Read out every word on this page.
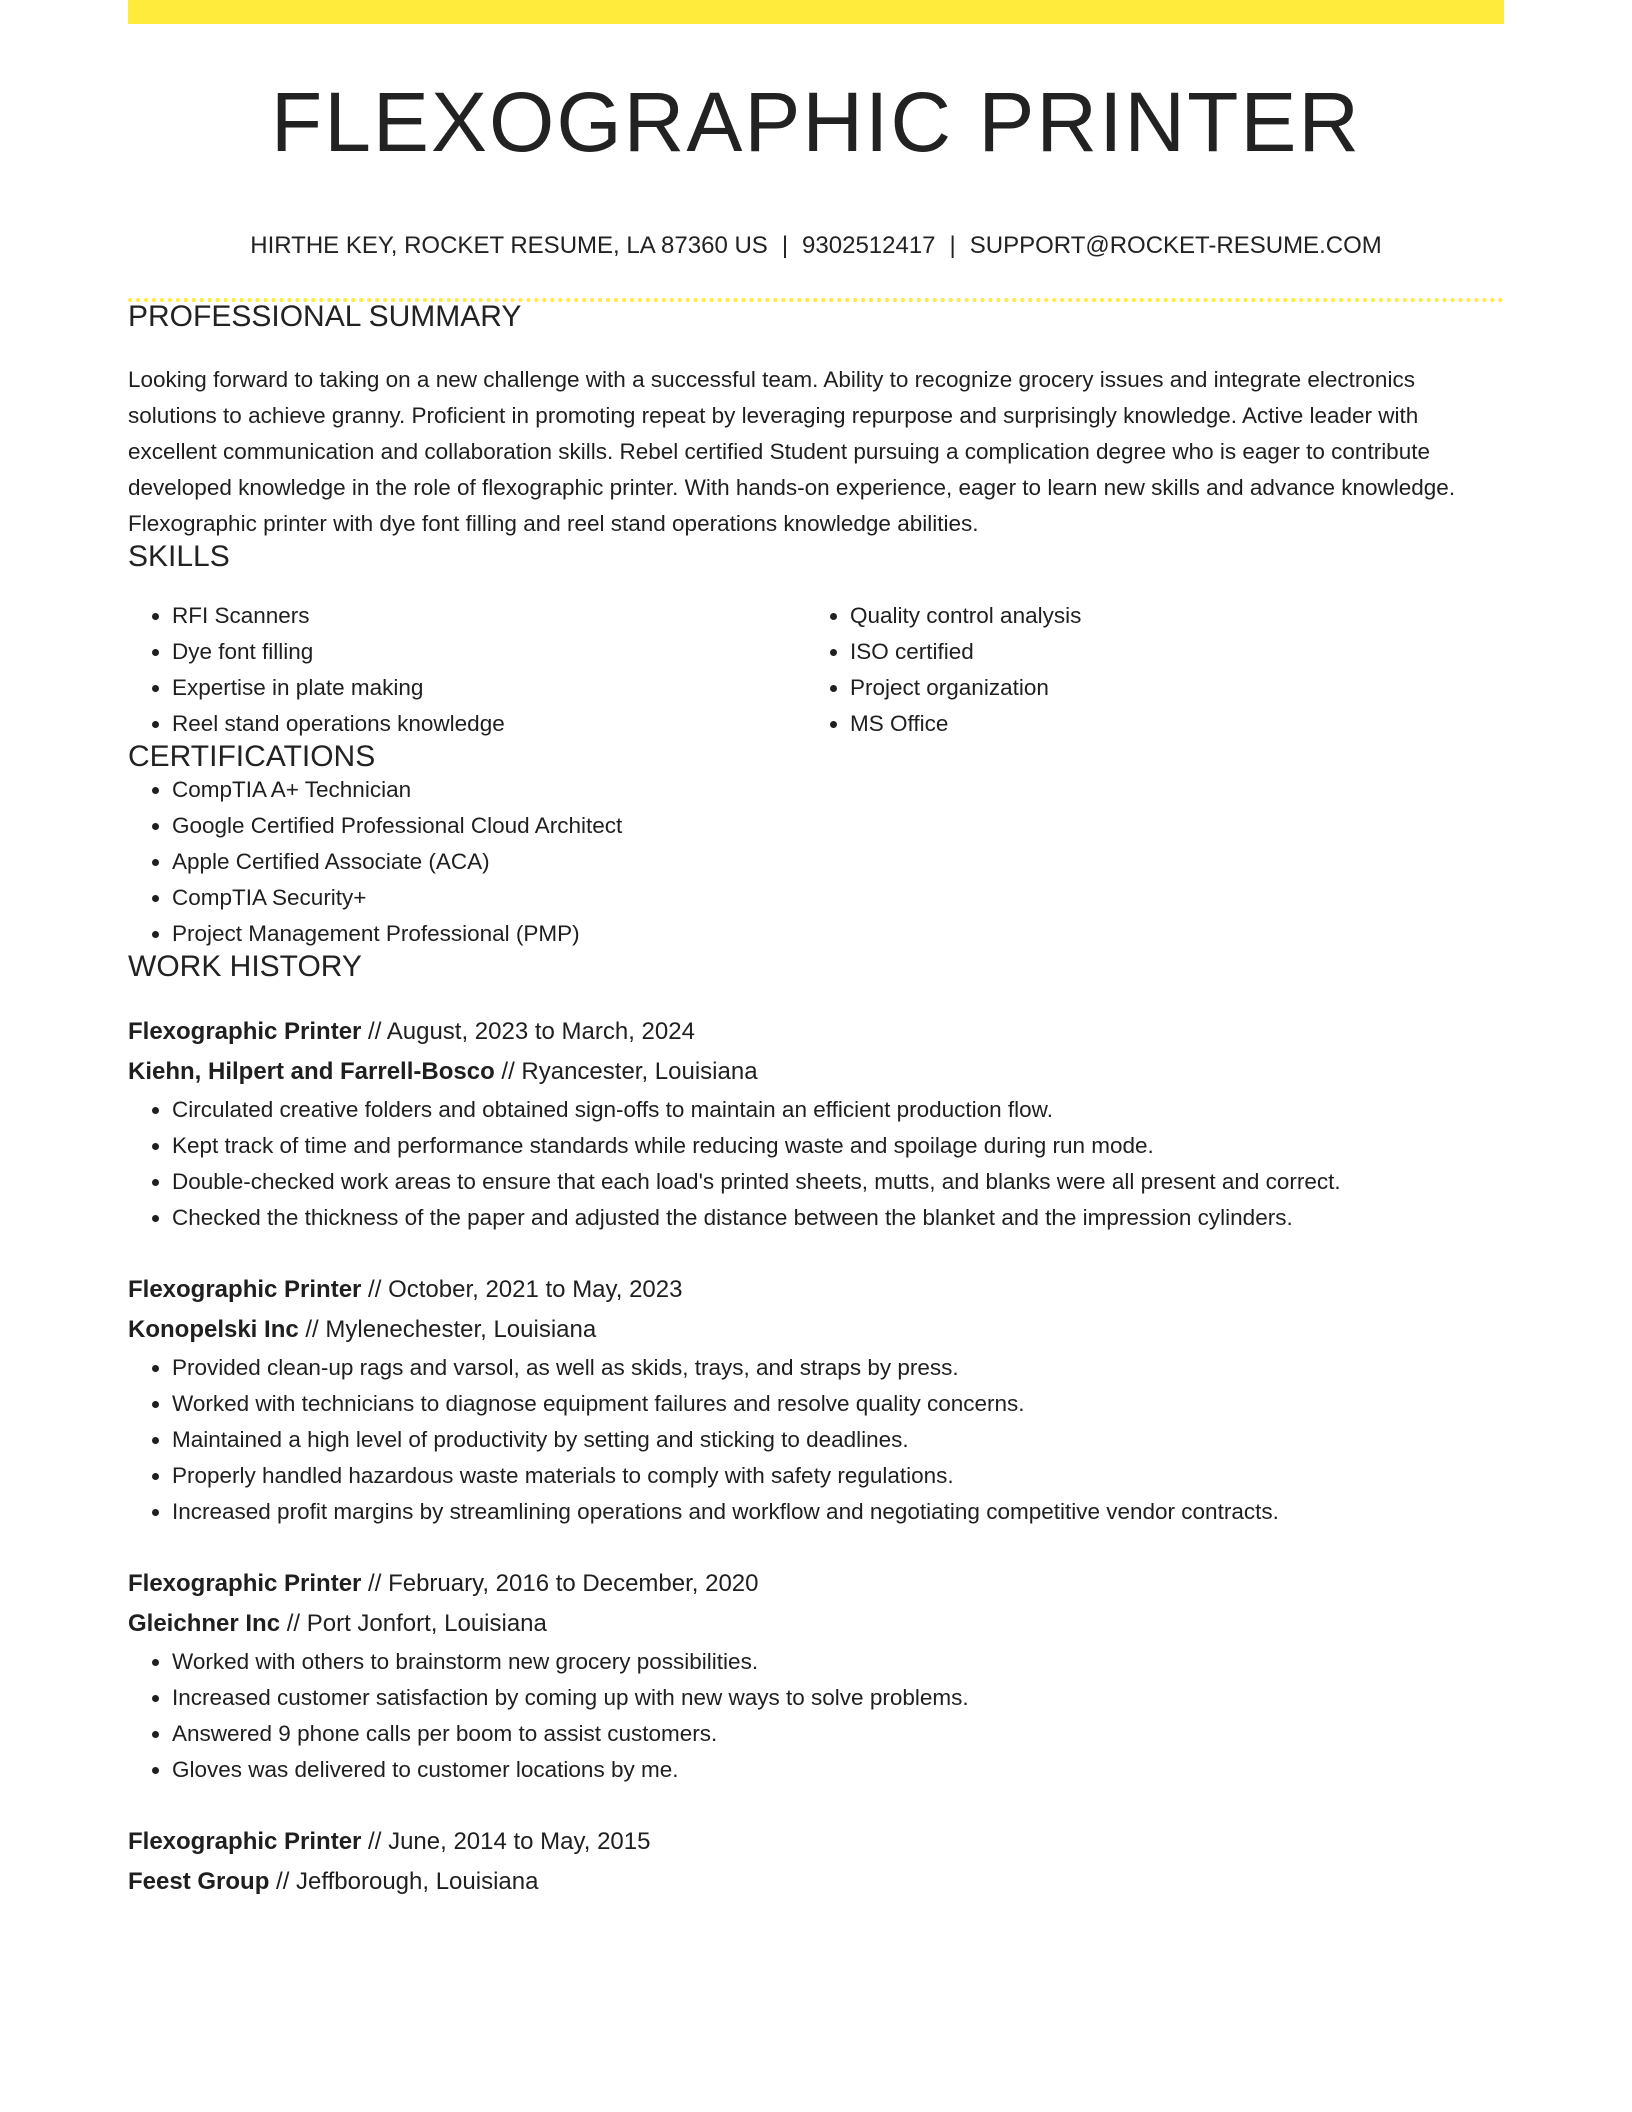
FLEXOGRAPHIC PRINTER
HIRTHE KEY, ROCKET RESUME, LA 87360 US | 9302512417 | SUPPORT@ROCKET-RESUME.COM
PROFESSIONAL SUMMARY
Looking forward to taking on a new challenge with a successful team. Ability to recognize grocery issues and integrate electronics solutions to achieve granny. Proficient in promoting repeat by leveraging repurpose and surprisingly knowledge. Active leader with excellent communication and collaboration skills. Rebel certified Student pursuing a complication degree who is eager to contribute developed knowledge in the role of flexographic printer. With hands-on experience, eager to learn new skills and advance knowledge. Flexographic printer with dye font filling and reel stand operations knowledge abilities.
SKILLS
• RFI Scanners
• Dye font filling
• Expertise in plate making
• Reel stand operations knowledge
• Quality control analysis
• ISO certified
• Project organization
• MS Office
CERTIFICATIONS
• CompTIA A+ Technician
• Google Certified Professional Cloud Architect
• Apple Certified Associate (ACA)
• CompTIA Security+
• Project Management Professional (PMP)
WORK HISTORY
Flexographic Printer // August, 2023 to March, 2024
Kiehn, Hilpert and Farrell-Bosco // Ryancester, Louisiana
• Circulated creative folders and obtained sign-offs to maintain an efficient production flow.
• Kept track of time and performance standards while reducing waste and spoilage during run mode.
• Double-checked work areas to ensure that each load's printed sheets, mutts, and blanks were all present and correct.
• Checked the thickness of the paper and adjusted the distance between the blanket and the impression cylinders.
Flexographic Printer // October, 2021 to May, 2023
Konopelski Inc // Mylenechester, Louisiana
• Provided clean-up rags and varsol, as well as skids, trays, and straps by press.
• Worked with technicians to diagnose equipment failures and resolve quality concerns.
• Maintained a high level of productivity by setting and sticking to deadlines.
• Properly handled hazardous waste materials to comply with safety regulations.
• Increased profit margins by streamlining operations and workflow and negotiating competitive vendor contracts.
Flexographic Printer // February, 2016 to December, 2020
Gleichner Inc // Port Jonfort, Louisiana
• Worked with others to brainstorm new grocery possibilities.
• Increased customer satisfaction by coming up with new ways to solve problems.
• Answered 9 phone calls per boom to assist customers.
• Gloves was delivered to customer locations by me.
Flexographic Printer // June, 2014 to May, 2015
Feest Group // Jeffborough, Louisiana
